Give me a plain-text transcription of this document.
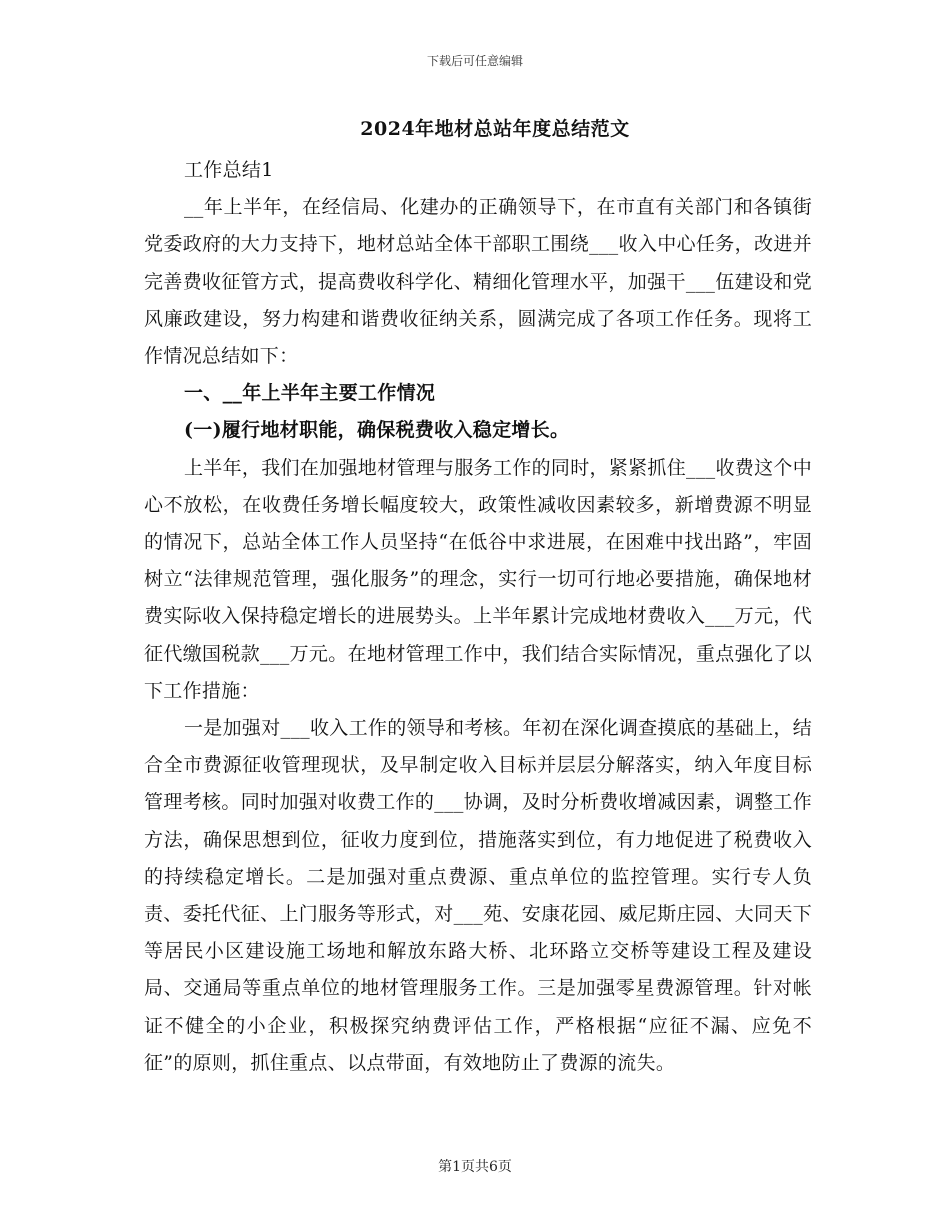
下载后可任意编辑
2024年地材总站年度总结范文

工作总结1

__年上半年，在经信局、化建办的正确领导下，在市直有关部门和各镇街党委政府的大力支持下，地材总站全体干部职工围绕___收入中心任务，改进并完善费收征管方式，提高费收科学化、精细化管理水平，加强干___伍建设和党风廉政建设，努力构建和谐费收征纳关系，圆满完成了各项工作任务。现将工作情况总结如下：

一、__年上半年主要工作情况

(一)履行地材职能，确保税费收入稳定增长。

上半年，我们在加强地材管理与服务工作的同时，紧紧抓住___收费这个中心不放松，在收费任务增长幅度较大，政策性减收因素较多，新增费源不明显的情况下，总站全体工作人员坚持“在低谷中求进展，在困难中找出路”，牢固树立“法律规范管理，强化服务”的理念，实行一切可行地必要措施，确保地材费实际收入保持稳定增长的进展势头。上半年累计完成地材费收入___万元，代征代缴国税款___万元。在地材管理工作中，我们结合实际情况，重点强化了以下工作措施：

一是加强对___收入工作的领导和考核。年初在深化调查摸底的基础上，结合全市费源征收管理现状，及早制定收入目标并层层分解落实，纳入年度目标管理考核。同时加强对收费工作的___协调，及时分析费收增减因素，调整工作方法，确保思想到位，征收力度到位，措施落实到位，有力地促进了税费收入的持续稳定增长。二是加强对重点费源、重点单位的监控管理。实行专人负责、委托代征、上门服务等形式，对___苑、安康花园、威尼斯庄园、大同天下等居民小区建设施工场地和解放东路大桥、北环路立交桥等建设工程及建设局、交通局等重点单位的地材管理服务工作。三是加强零星费源管理。针对帐证不健全的小企业，积极探究纳费评估工作，严格根据“应征不漏、应免不征”的原则，抓住重点、以点带面，有效地防止了费源的流失。

第1页共6页
